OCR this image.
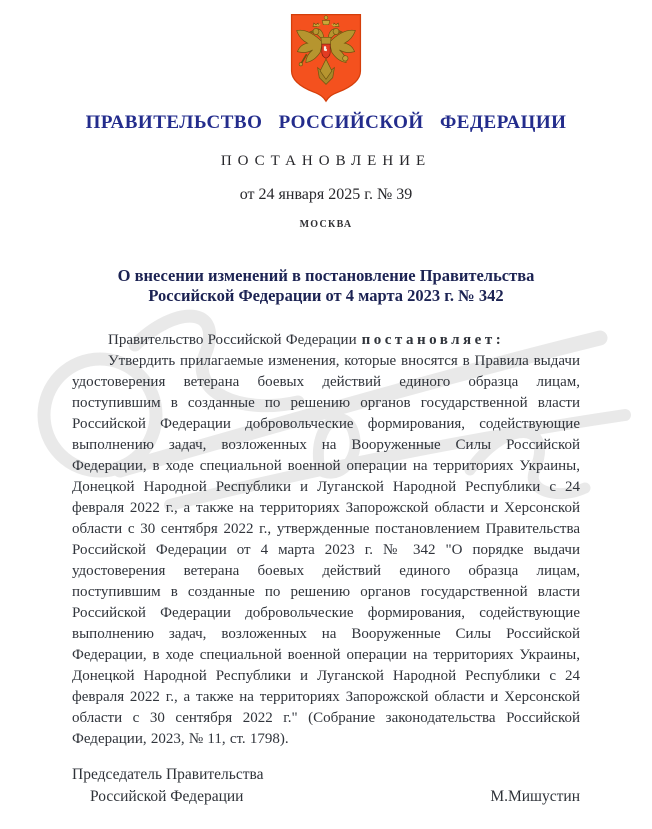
ПРАВИТЕЛЬСТВО РОССИЙСКОЙ ФЕДЕРАЦИИ
ПОСТАНОВЛЕНИЕ
от 24 января 2025 г. № 39
МОСКВА
О внесении изменений в постановление Правительства
Российской Федерации от 4 марта 2023 г. № 342
Правительство Российской Федерации постановляет:
Утвердить прилагаемые изменения, которые вносятся в Правила выдачи удостоверения ветерана боевых действий единого образца лицам, поступившим в созданные по решению органов государственной власти Российской Федерации добровольческие формирования, содействующие выполнению задач, возложенных на Вооруженные Силы Российской Федерации, в ходе специальной военной операции на территориях Украины, Донецкой Народной Республики и Луганской Народной Республики с 24 февраля 2022 г., а также на территориях Запорожской области и Херсонской области с 30 сентября 2022 г., утвержденные постановлением Правительства Российской Федерации от 4 марта 2023 г. № 342 "О порядке выдачи удостоверения ветерана боевых действий единого образца лицам, поступившим в созданные по решению органов государственной власти Российской Федерации добровольческие формирования, содействующие выполнению задач, возложенных на Вооруженные Силы Российской Федерации, в ходе специальной военной операции на территориях Украины, Донецкой Народной Республики и Луганской Народной Республики с 24 февраля 2022 г., а также на территориях Запорожской области и Херсонской области с 30 сентября 2022 г." (Собрание законодательства Российской Федерации, 2023, № 11, ст. 1798).
Председатель Правительства
Российской Федерации	М.Мишустин
